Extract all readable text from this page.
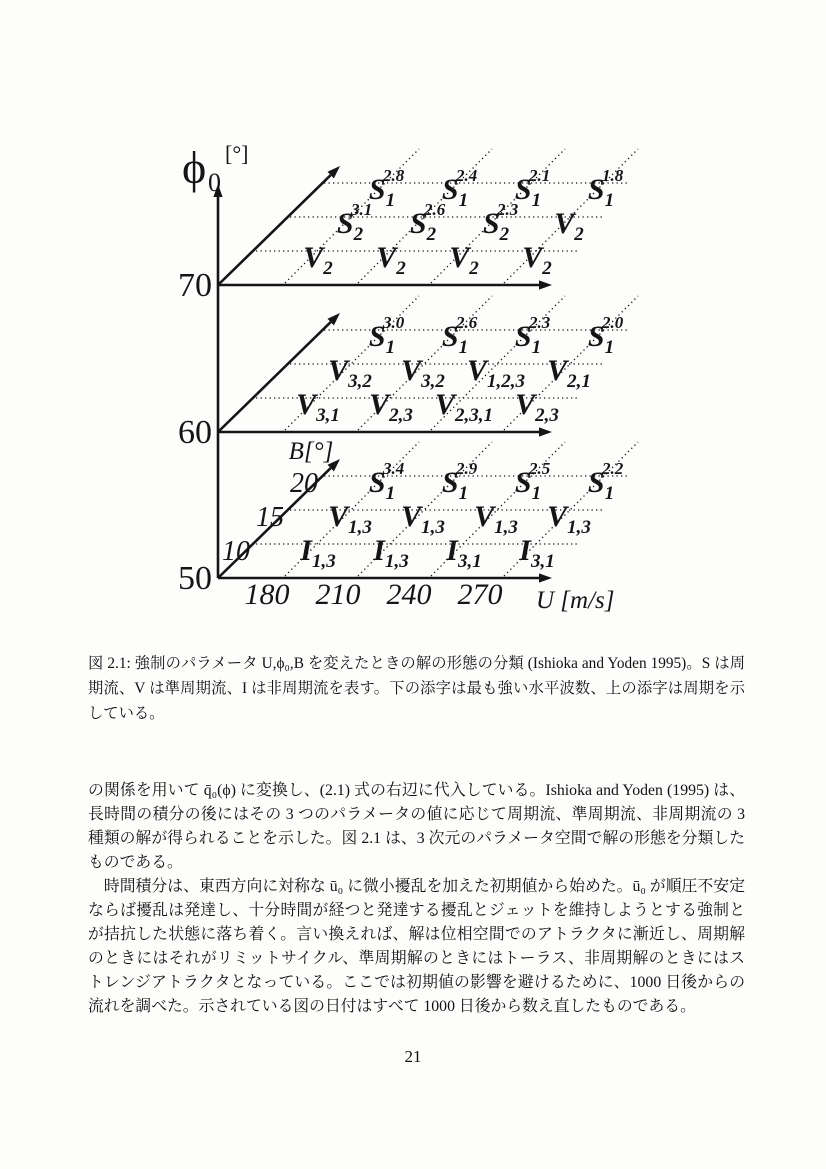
ϕ 0
[°]
70
$S_1$
2.8 $S_1$
2.4 $S_1$
2.1 $S_1$
1.8
$S_2$
3.1 $S_2$
2.6 $S_2$
2.3 $V_2$
$V_2$ $V_2$ $V_2$ $V_2$
60
$S_1$
3.0 $S_1$
2.6 $S_1$
2.3 $S_1$
2.0
$V_{3,2}$ $V_{3,2}$ $V_{1,2,3}$ $V_{2,1}$
$V_{3,1}$ $V_{2,3}$ $V_{2,3,1}$ $V_{2,3}$
50
$S_1$
3.4 $S_1$
2.9 $S_1$
2.5 $S_1$
2.2
$V_{1,3}$ $V_{1,3}$ $V_{1,3}$ $V_{1,3}$
$I_{1,3}$ $I_{1,3}$ $I_{3,1}$ $I_{3,1}$
B[°]
20
15
10
180 210 240 270 U [m/s]

図 2.1: 強制のパラメータ U,ϕ₀,B を変えたときの解の形態の分類 (Ishioka and Yoden 1995)。S は周期流、V は準周期流、I は非周期流を表す。下の添字は最も強い水平波数、上の添字は周期を示している。

の関係を用いて q̄₀(ϕ) に変換し、(2.1) 式の右辺に代入している。Ishioka and Yoden (1995) は、長時間の積分の後にはその 3 つのパラメータの値に応じて周期流、準周期流、非周期流の 3 種類の解が得られることを示した。図 2.1 は、3 次元のパラメータ空間で解の形態を分類したものである。

　時間積分は、東西方向に対称な ū₀ に微小擾乱を加えた初期値から始めた。ū₀ が順圧不安定ならば擾乱は発達し、十分時間が経つと発達する擾乱とジェットを維持しようとする強制とが拮抗した状態に落ち着く。言い換えれば、解は位相空間でのアトラクタに漸近し、周期解のときにはそれがリミットサイクル、準周期解のときにはトーラス、非周期解のときにはストレンジアトラクタとなっている。ここでは初期値の影響を避けるために、1000 日後からの流れを調べた。示されている図の日付はすべて 1000 日後から数え直したものである。

21
